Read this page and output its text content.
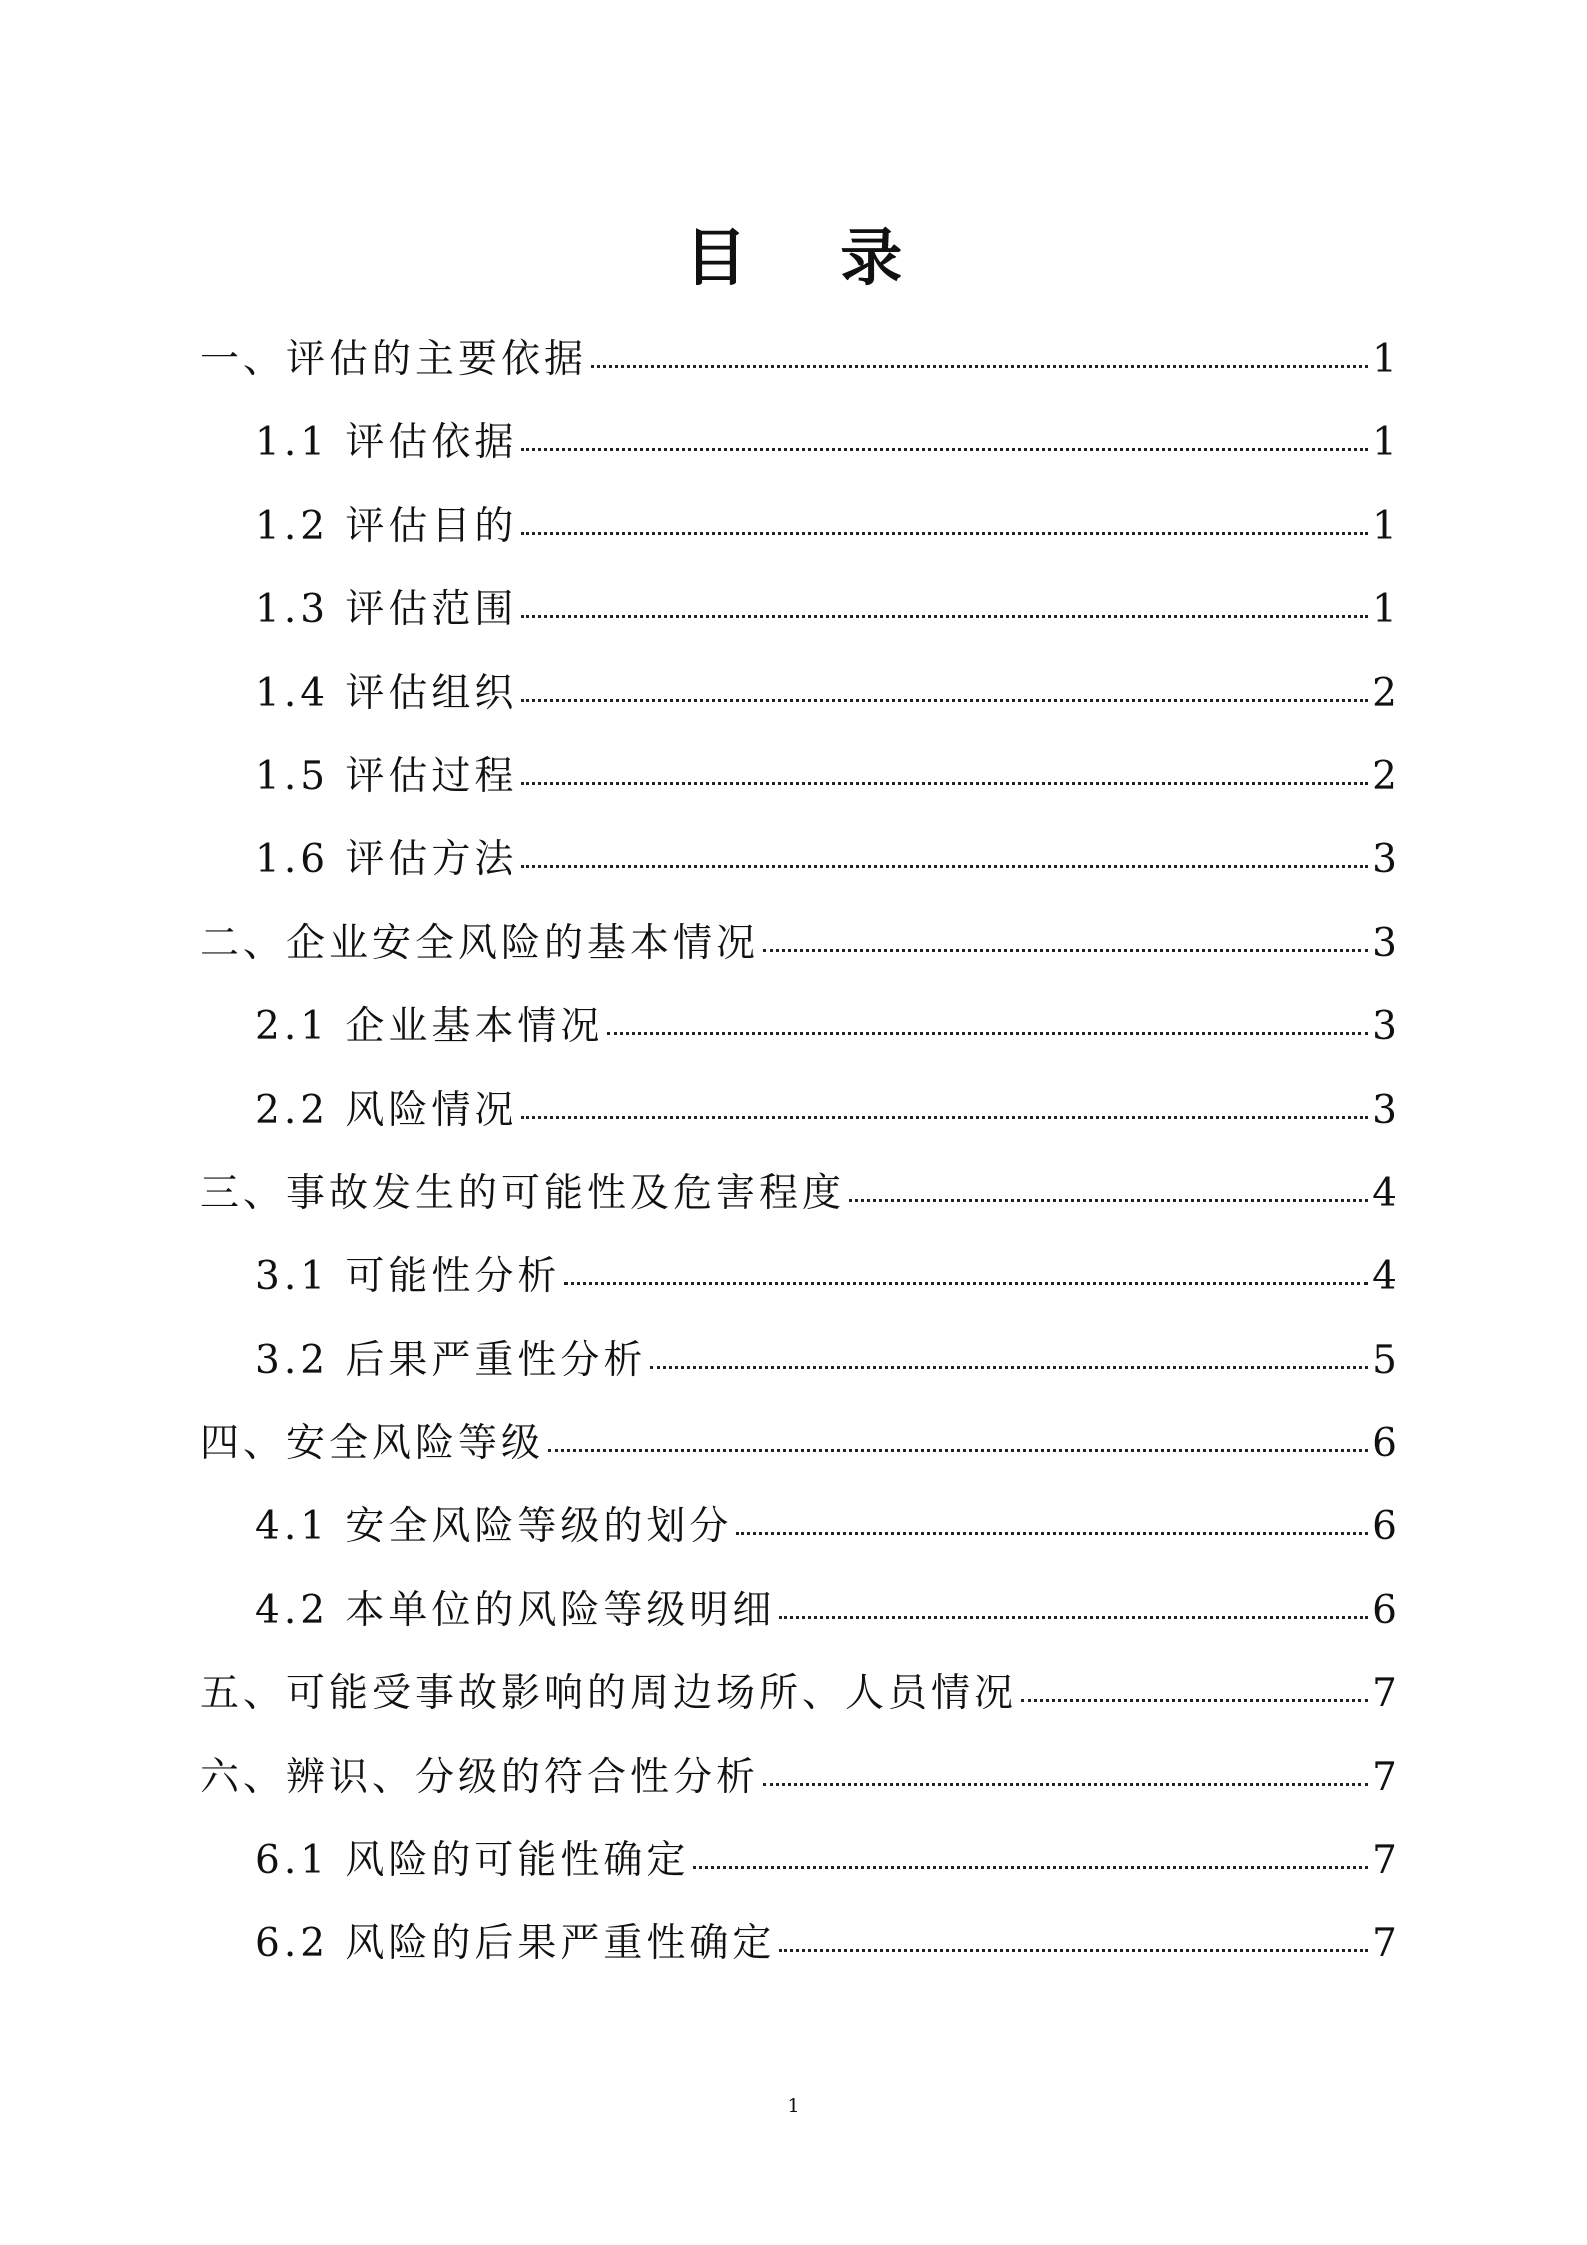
目 录
一、评估的主要依据	1
1.1 评估依据	1
1.2 评估目的	1
1.3 评估范围	1
1.4 评估组织	2
1.5 评估过程	2
1.6 评估方法	3
二、企业安全风险的基本情况	3
2.1 企业基本情况	3
2.2 风险情况	3
三、事故发生的可能性及危害程度	4
3.1 可能性分析	4
3.2 后果严重性分析	5
四、安全风险等级	6
4.1 安全风险等级的划分	6
4.2 本单位的风险等级明细	6
五、可能受事故影响的周边场所、人员情况	7
六、辨识、分级的符合性分析	7
6.1 风险的可能性确定	7
6.2 风险的后果严重性确定	7
1
